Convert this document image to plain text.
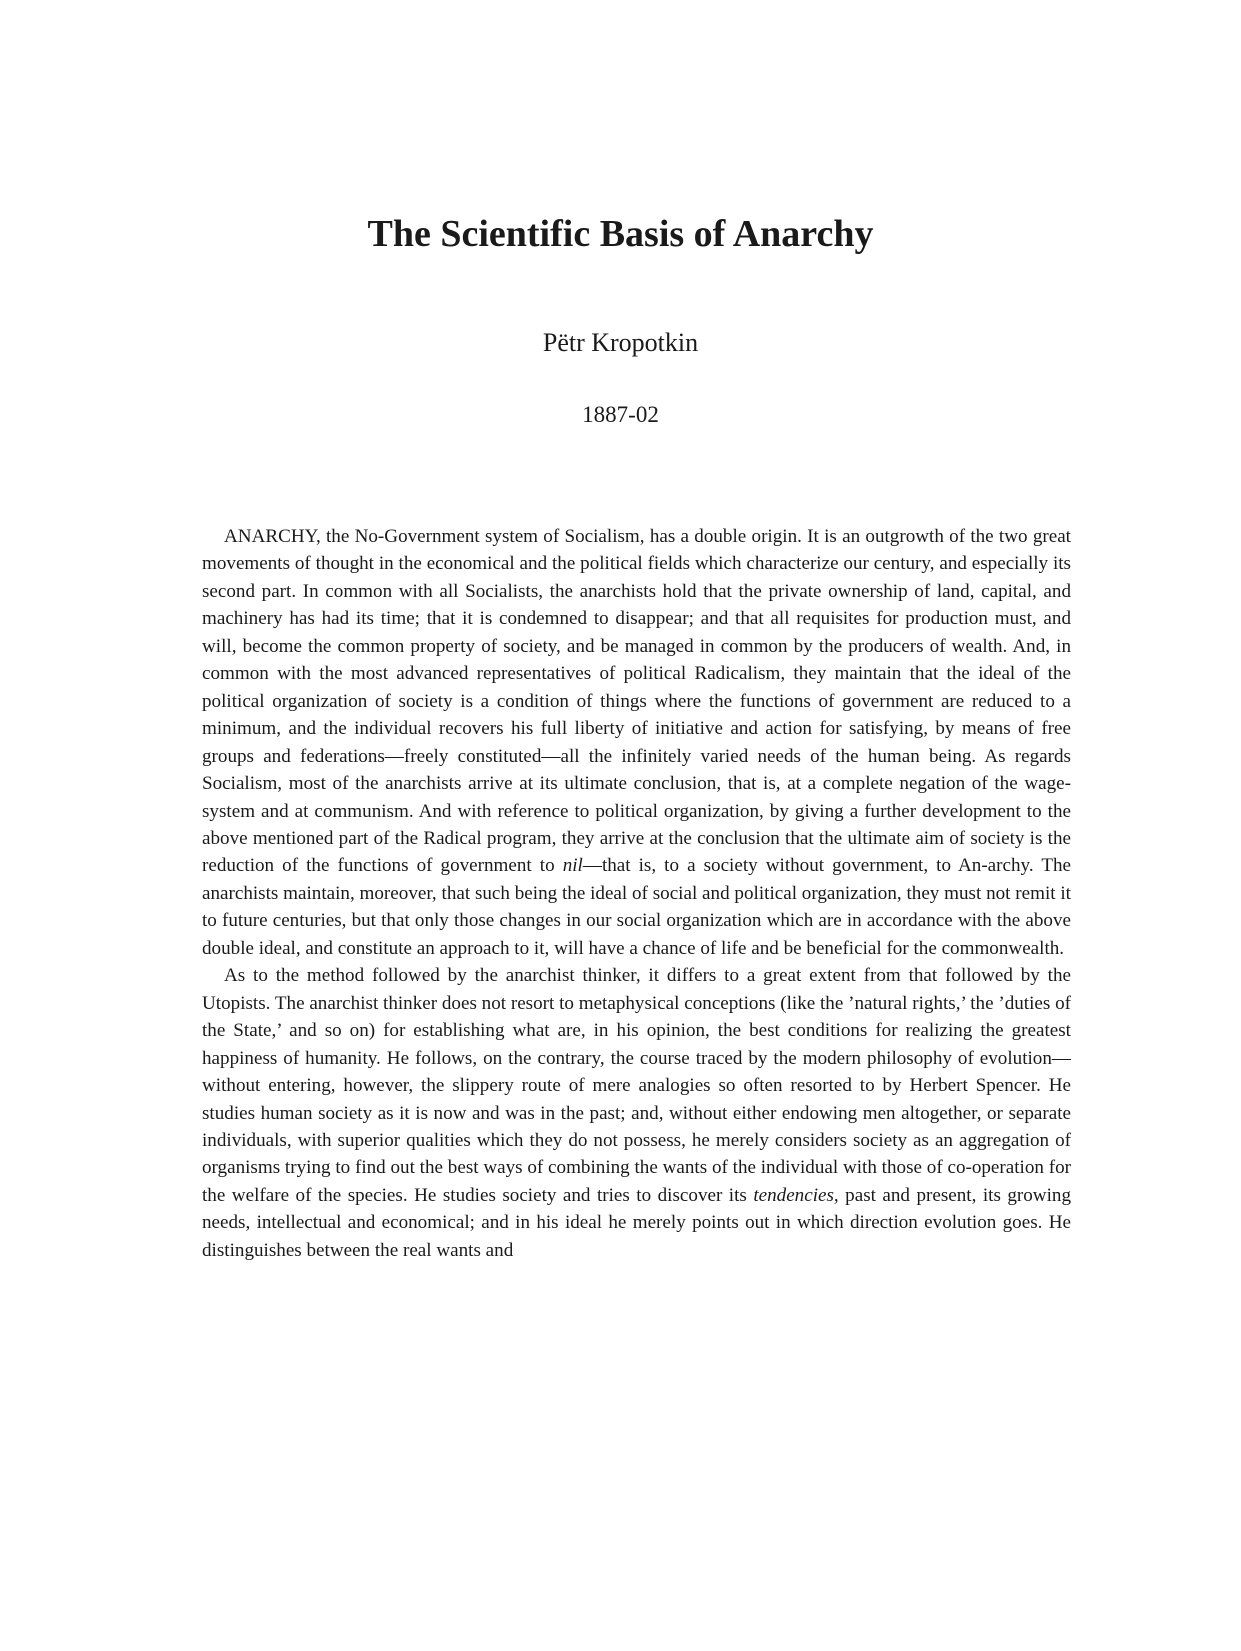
The Scientific Basis of Anarchy

Pëtr Kropotkin

1887-02

ANARCHY, the No-Government system of Socialism, has a double origin. It is an outgrowth of the two great movements of thought in the economical and the political fields which characterize our century, and especially its second part. In common with all Socialists, the anarchists hold that the private ownership of land, capital, and machinery has had its time; that it is condemned to disappear; and that all requisites for production must, and will, become the common property of society, and be managed in common by the producers of wealth. And, in common with the most advanced representatives of political Radicalism, they maintain that the ideal of the political organization of society is a condition of things where the functions of government are reduced to a minimum, and the individual recovers his full liberty of initiative and action for satisfying, by means of free groups and federations—freely constituted—all the infinitely varied needs of the human being. As regards Socialism, most of the anarchists arrive at its ultimate conclusion, that is, at a complete negation of the wage-system and at communism. And with reference to political organization, by giving a further development to the above mentioned part of the Radical program, they arrive at the conclusion that the ultimate aim of society is the reduction of the functions of government to nil—that is, to a society without government, to An-archy. The anarchists maintain, moreover, that such being the ideal of social and political organization, they must not remit it to future centuries, but that only those changes in our social organization which are in accordance with the above double ideal, and constitute an approach to it, will have a chance of life and be beneficial for the commonwealth.

As to the method followed by the anarchist thinker, it differs to a great extent from that followed by the Utopists. The anarchist thinker does not resort to metaphysical conceptions (like the ’natural rights,’ the ’duties of the State,’ and so on) for establishing what are, in his opinion, the best conditions for realizing the greatest happiness of humanity. He follows, on the contrary, the course traced by the modern philosophy of evolution—without entering, however, the slippery route of mere analogies so often resorted to by Herbert Spencer. He studies human society as it is now and was in the past; and, without either endowing men altogether, or separate individuals, with superior qualities which they do not possess, he merely considers society as an aggregation of organisms trying to find out the best ways of combining the wants of the individual with those of co-operation for the welfare of the species. He studies society and tries to discover its tendencies, past and present, its growing needs, intellectual and economical; and in his ideal he merely points out in which direction evolution goes. He distinguishes between the real wants and
